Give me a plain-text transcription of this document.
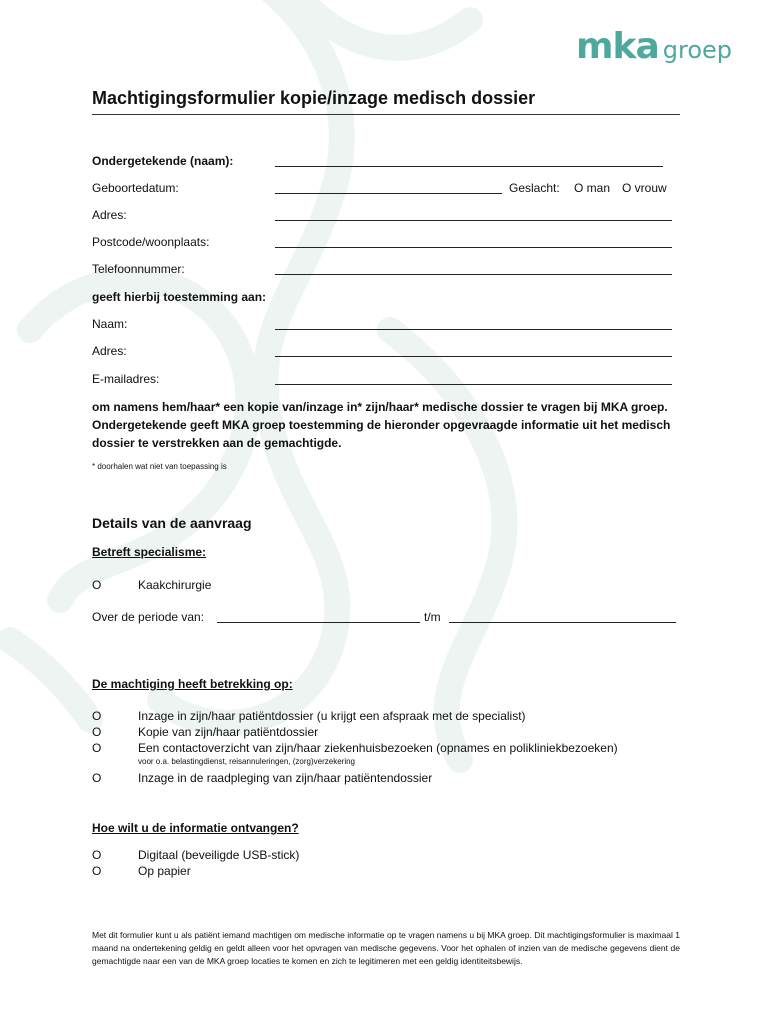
mka groep
Machtigingsformulier kopie/inzage medisch dossier
Ondergetekende (naam):
Geboortedatum:	Geslacht: O man O vrouw
Adres:
Postcode/woonplaats:
Telefoonnummer:
geeft hierbij toestemming aan:
Naam:
Adres:
E-mailadres:
om namens hem/haar* een kopie van/inzage in* zijn/haar* medische dossier te vragen bij MKA groep. Ondergetekende geeft MKA groep toestemming de hieronder opgevraagde informatie uit het medisch dossier te verstrekken aan de gemachtigde.
* doorhalen wat niet van toepassing is
Details van de aanvraag
Betreft specialisme:
O	Kaakchirurgie
Over de periode van:	t/m
De machtiging heeft betrekking op:
O	Inzage in zijn/haar patiëntdossier (u krijgt een afspraak met de specialist)
O	Kopie van zijn/haar patiëntdossier
O	Een contactoverzicht van zijn/haar ziekenhuisbezoeken (opnames en polikliniekbezoeken)
voor o.a. belastingdienst, reisannuleringen, (zorg)verzekering
O	Inzage in de raadpleging van zijn/haar patiëntendossier
Hoe wilt u de informatie ontvangen?
O	Digitaal (beveiligde USB-stick)
O	Op papier
Met dit formulier kunt u als patiënt iemand machtigen om medische informatie op te vragen namens u bij MKA groep. Dit machtigingsformulier is maximaal 1 maand na ondertekening geldig en geldt alleen voor het opvragen van medische gegevens. Voor het ophalen of inzien van de medische gegevens dient de gemachtigde naar een van de MKA groep locaties te komen en zich te legitimeren met een geldig identiteitsbewijs.
